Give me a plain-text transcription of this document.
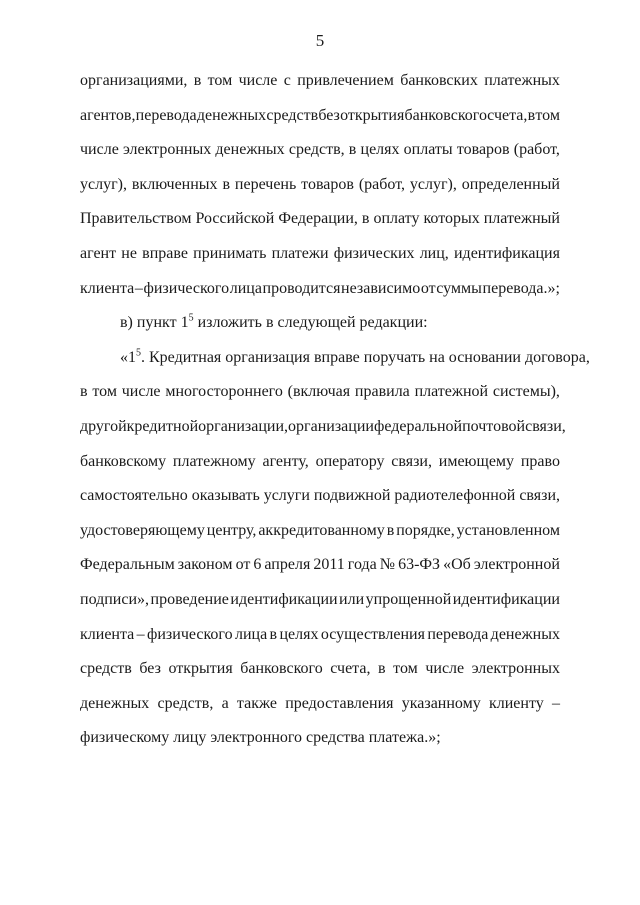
5
организациями, в том числе с привлечением банковских платежных
агентов, перевода денежных средств без открытия банковского счета, в том
числе электронных денежных средств, в целях оплаты товаров (работ,
услуг), включенных в перечень товаров (работ, услуг), определенный
Правительством Российской Федерации, в оплату которых платежный
агент не вправе принимать платежи физических лиц, идентификация
клиента – физического лица проводится независимо от суммы перевода.»;
в) пункт $1^5$ изложить в следующей редакции:
«$1^5$. Кредитная организация вправе поручать на основании договора,
в том числе многостороннего (включая правила платежной системы),
другой кредитной организации, организации федеральной почтовой связи,
банковскому платежному агенту, оператору связи, имеющему право
самостоятельно оказывать услуги подвижной радиотелефонной связи,
удостоверяющему центру, аккредитованному в порядке, установленном
Федеральным законом от 6 апреля 2011 года № 63-ФЗ «Об электронной
подписи», проведение идентификации или упрощенной идентификации
клиента – физического лица в целях осуществления перевода денежных
средств без открытия банковского счета, в том числе электронных
денежных средств, а также предоставления указанному клиенту –
физическому лицу электронного средства платежа.»;
